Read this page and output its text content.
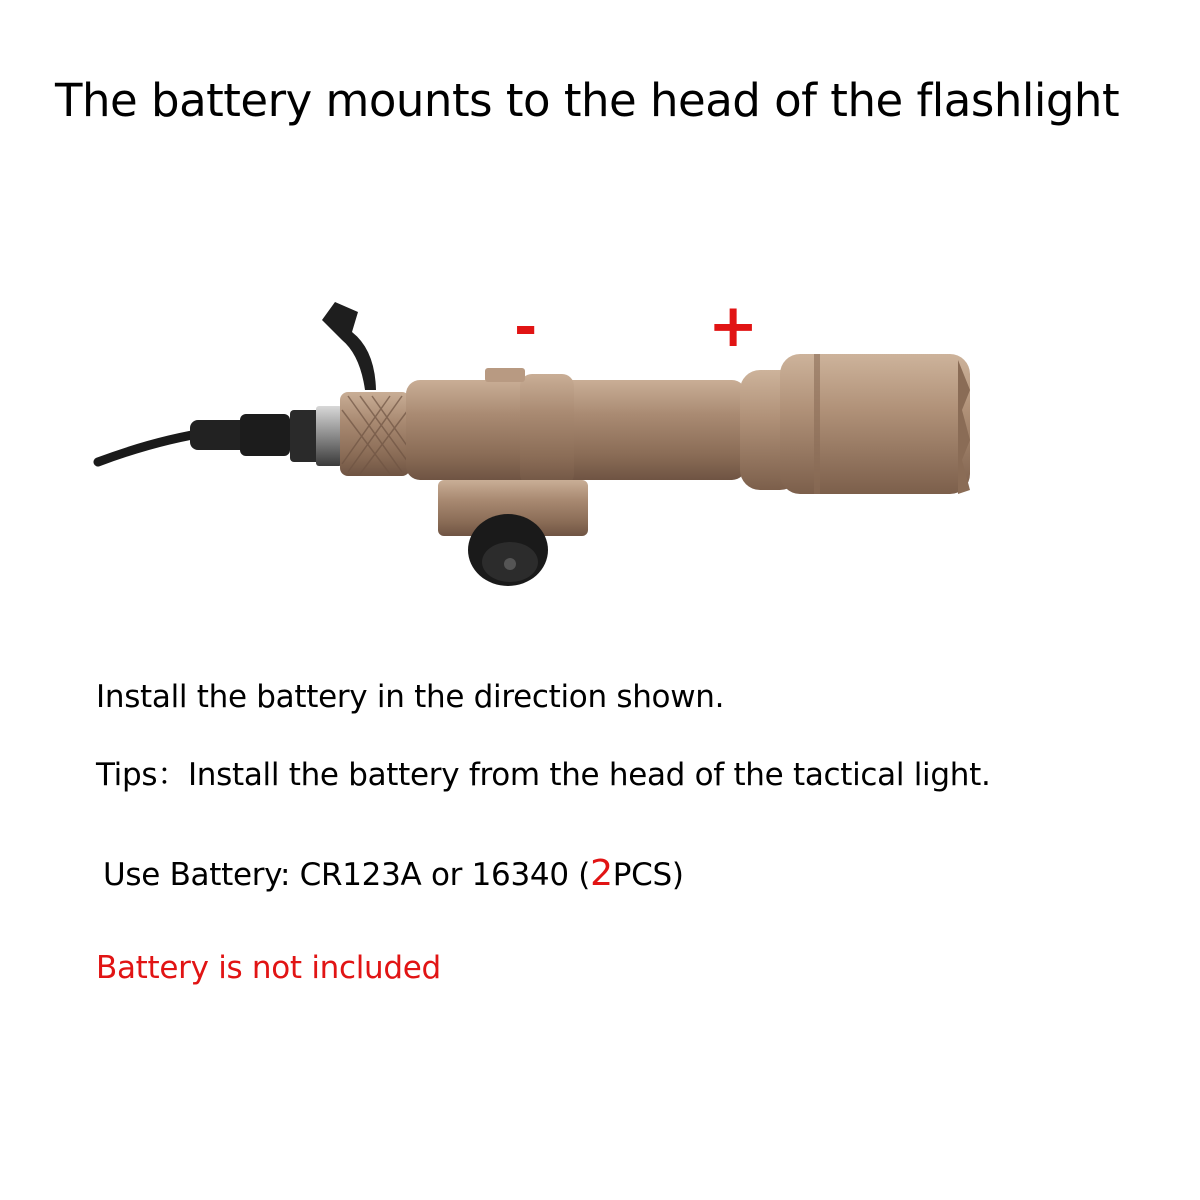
The battery mounts to the head of the flashlight
-	+
Install the battery in the direction shown.
Tips：Install the battery from the head of the tactical light.
Use Battery: CR123A or 16340 (2PCS)
Battery is not included
